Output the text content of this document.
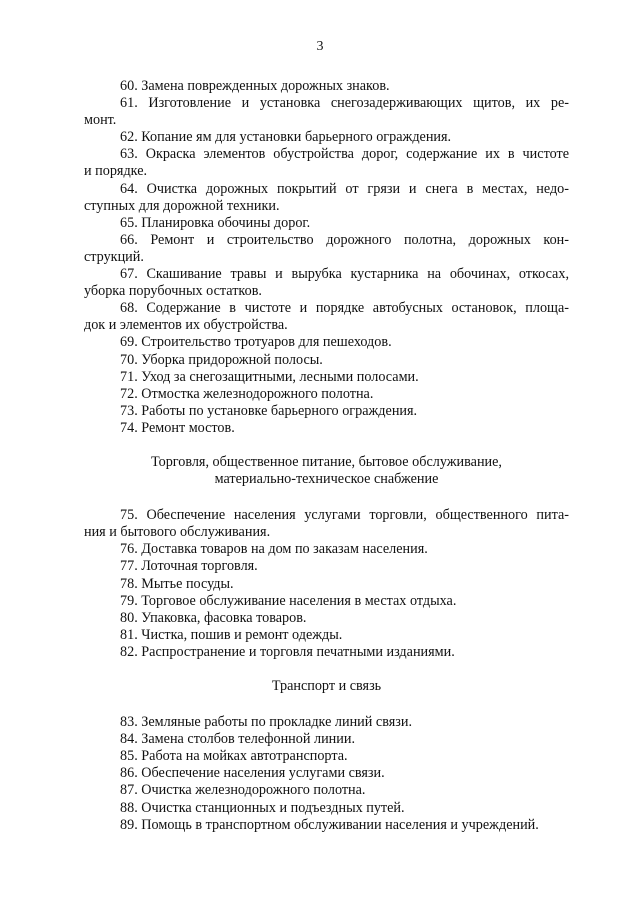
3

60. Замена поврежденных дорожных знаков.

61. Изготовление и установка снегозадерживающих щитов, их ре-
монт.

62. Копание ям для установки барьерного ограждения.

63. Окраска элементов обустройства дорог, содержание их в чистоте
и порядке.

64. Очистка дорожных покрытий от грязи и снега в местах, недо-
ступных для дорожной техники.

65. Планировка обочины дорог.

66. Ремонт и строительство дорожного полотна, дорожных кон-
струкций.

67. Скашивание травы и вырубка кустарника на обочинах, откосах,
уборка порубочных остатков.

68. Содержание в чистоте и порядке автобусных остановок, площа-
док и элементов их обустройства.

69. Строительство тротуаров для пешеходов.

70. Уборка придорожной полосы.

71. Уход за снегозащитными, лесными полосами.

72. Отмостка железнодорожного полотна.

73. Работы по установке барьерного ограждения.

74. Ремонт мостов.

Торговля, общественное питание, бытовое обслуживание,
материально-техническое снабжение

75. Обеспечение населения услугами торговли, общественного пита-
ния и бытового обслуживания.

76. Доставка товаров на дом по заказам населения.

77. Лоточная торговля.

78. Мытье посуды.

79. Торговое обслуживание населения в местах отдыха.

80. Упаковка, фасовка товаров.

81. Чистка, пошив и ремонт одежды.

82. Распространение и торговля печатными изданиями.

Транспорт и связь

83. Земляные работы по прокладке линий связи.

84. Замена столбов телефонной линии.

85. Работа на мойках автотранспорта.

86. Обеспечение населения услугами связи.

87. Очистка железнодорожного полотна.

88. Очистка станционных и подъездных путей.

89. Помощь в транспортном обслуживании населения и учреждений.
